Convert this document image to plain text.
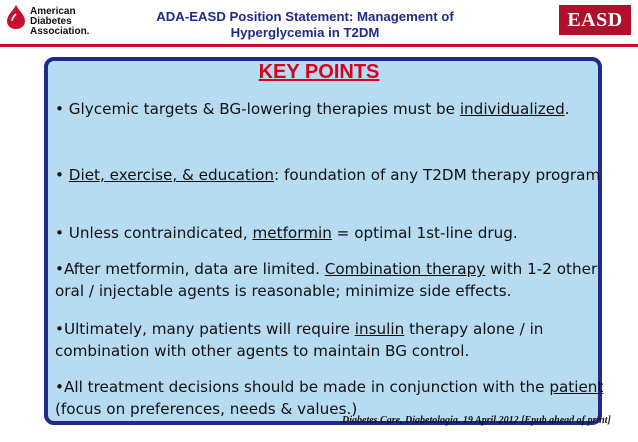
American
Diabetes
Association.
ADA-EASD Position Statement: Management of
Hyperglycemia in T2DM
EASD
KEY POINTS
• Glycemic targets & BG-lowering therapies must be individualized.
• Diet, exercise, & education: foundation of any T2DM therapy program
• Unless contraindicated, metformin = optimal 1st-line drug.
•After metformin, data are limited. Combination therapy with 1-2 other oral / injectable agents is reasonable; minimize side effects.
•Ultimately, many patients will require insulin therapy alone / in combination with other agents to maintain BG control.
•All treatment decisions should be made in conjunction with the patient (focus on preferences, needs & values.)
Diabetes Care, Diabetologia. 19 April 2012 [Epub ahead of print]
